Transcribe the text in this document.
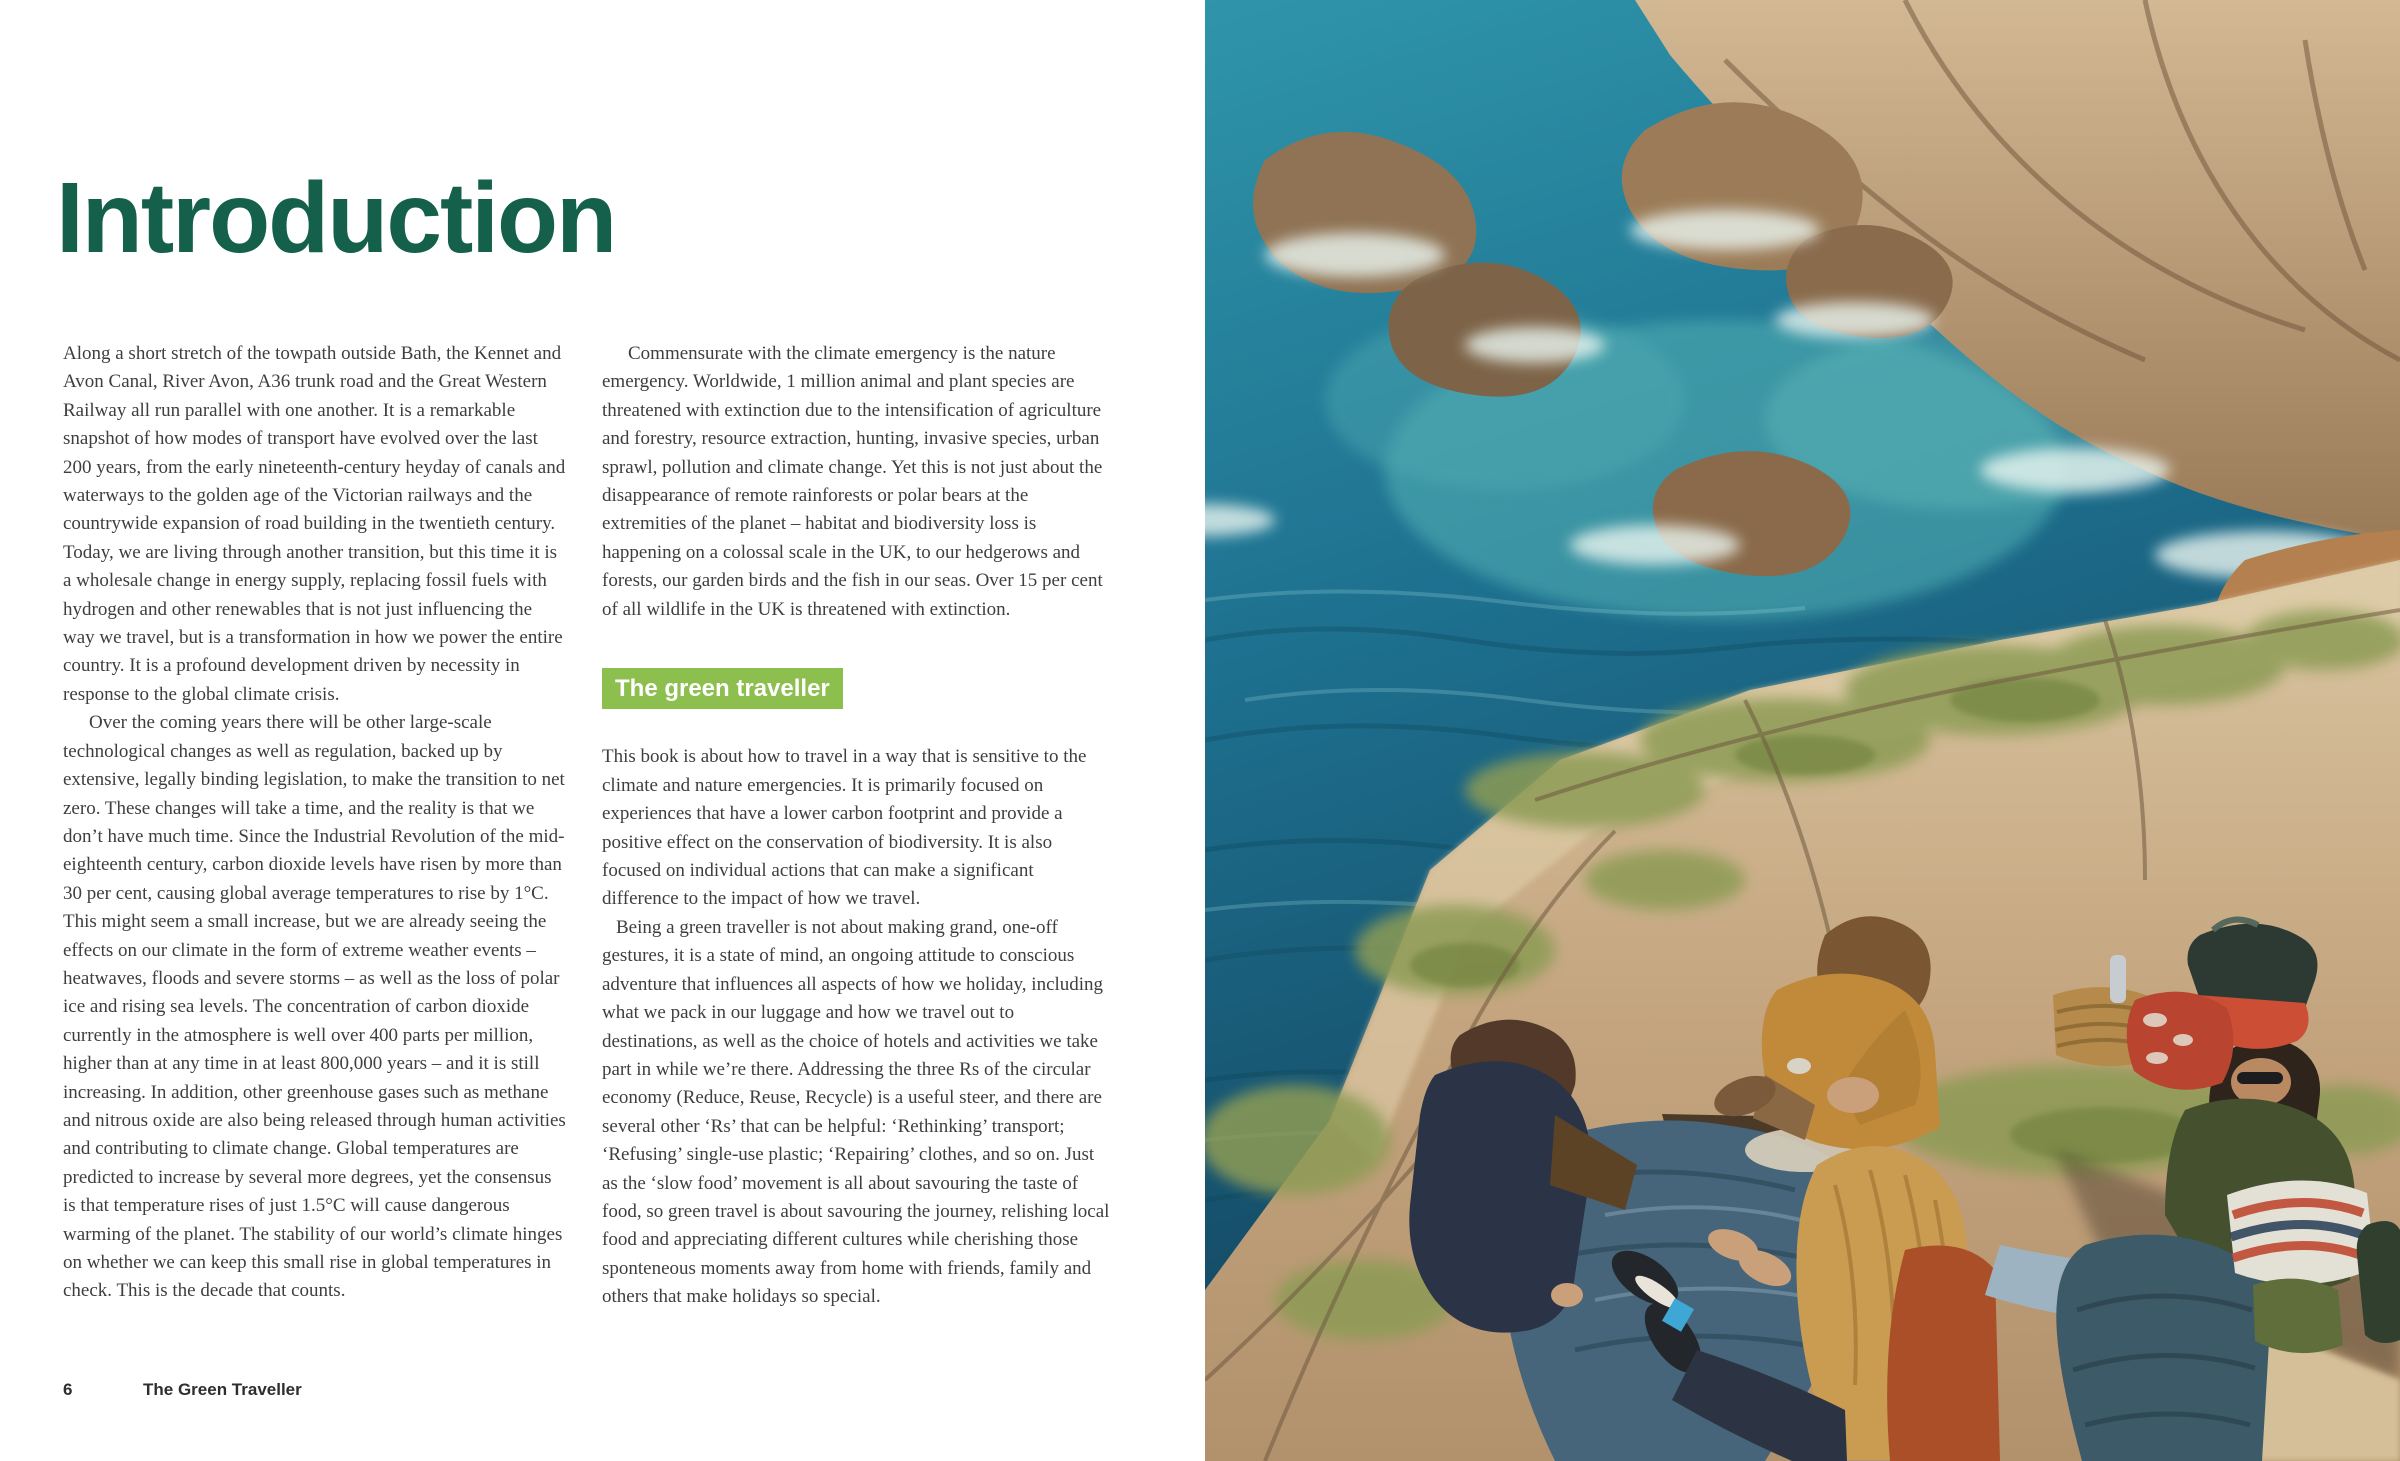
Introduction

Along a short stretch of the towpath outside Bath, the Kennet and Avon Canal, River Avon, A36 trunk road and the Great Western Railway all run parallel with one another. It is a remarkable snapshot of how modes of transport have evolved over the last 200 years, from the early nineteenth-century heyday of canals and waterways to the golden age of the Victorian railways and the countrywide expansion of road building in the twentieth century. Today, we are living through another transition, but this time it is a wholesale change in energy supply, replacing fossil fuels with hydrogen and other renewables that is not just influencing the way we travel, but is a transformation in how we power the entire country. It is a profound development driven by necessity in response to the global climate crisis.

Over the coming years there will be other large-scale technological changes as well as regulation, backed up by extensive, legally binding legislation, to make the transition to net zero. These changes will take a time, and the reality is that we don’t have much time. Since the Industrial Revolution of the mid-eighteenth century, carbon dioxide levels have risen by more than 30 per cent, causing global average temperatures to rise by 1°C. This might seem a small increase, but we are already seeing the effects on our climate in the form of extreme weather events – heatwaves, floods and severe storms – as well as the loss of polar ice and rising sea levels. The concentration of carbon dioxide currently in the atmosphere is well over 400 parts per million, higher than at any time in at least 800,000 years – and it is still increasing. In addition, other greenhouse gases such as methane and nitrous oxide are also being released through human activities and contributing to climate change. Global temperatures are predicted to increase by several more degrees, yet the consensus is that temperature rises of just 1.5°C will cause dangerous warming of the planet. The stability of our world’s climate hinges on whether we can keep this small rise in global temperatures in check. This is the decade that counts.

Commensurate with the climate emergency is the nature emergency. Worldwide, 1 million animal and plant species are threatened with extinction due to the intensification of agriculture and forestry, resource extraction, hunting, invasive species, urban sprawl, pollution and climate change. Yet this is not just about the disappearance of remote rainforests or polar bears at the extremities of the planet – habitat and biodiversity loss is happening on a colossal scale in the UK, to our hedgerows and forests, our garden birds and the fish in our seas. Over 15 per cent of all wildlife in the UK is threatened with extinction.

The green traveller

This book is about how to travel in a way that is sensitive to the climate and nature emergencies. It is primarily focused on experiences that have a lower carbon footprint and provide a positive effect on the conservation of biodiversity. It is also focused on individual actions that can make a significant difference to the impact of how we travel.

Being a green traveller is not about making grand, one-off gestures, it is a state of mind, an ongoing attitude to conscious adventure that influences all aspects of how we holiday, including what we pack in our luggage and how we travel out to destinations, as well as the choice of hotels and activities we take part in while we’re there. Addressing the three Rs of the circular economy (Reduce, Reuse, Recycle) is a useful steer, and there are several other ‘Rs’ that can be helpful: ‘Rethinking’ transport; ‘Refusing’ single-use plastic; ‘Repairing’ clothes, and so on. Just as the ‘slow food’ movement is all about savouring the taste of food, so green travel is about savouring the journey, relishing local food and appreciating different cultures while cherishing those sponteneous moments away from home with friends, family and others that make holidays so special.

6	The Green Traveller
